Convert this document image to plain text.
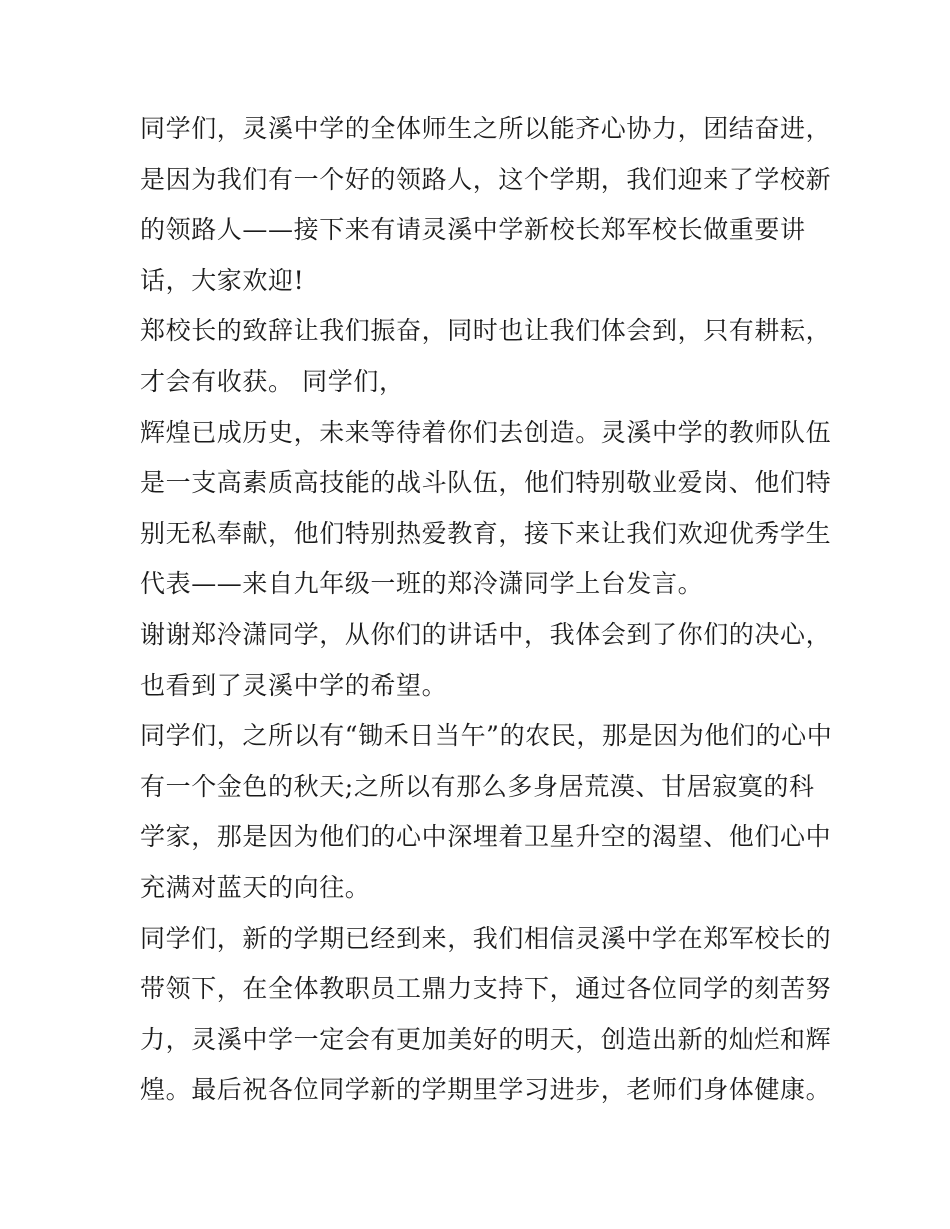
同学们，灵溪中学的全体师生之所以能齐心协力，团结奋进，
是因为我们有一个好的领路人，这个学期，我们迎来了学校新
的领路人——接下来有请灵溪中学新校长郑军校长做重要讲
话，大家欢迎!
郑校长的致辞让我们振奋，同时也让我们体会到，只有耕耘，
才会有收获。 同学们，
辉煌已成历史，未来等待着你们去创造。灵溪中学的教师队伍
是一支高素质高技能的战斗队伍，他们特别敬业爱岗、他们特
别无私奉献，他们特别热爱教育，接下来让我们欢迎优秀学生
代表——来自九年级一班的郑泠潇同学上台发言。
谢谢郑泠潇同学，从你们的讲话中，我体会到了你们的决心，
也看到了灵溪中学的希望。
同学们，之所以有“锄禾日当午”的农民，那是因为他们的心中
有一个金色的秋天;之所以有那么多身居荒漠、甘居寂寞的科
学家，那是因为他们的心中深埋着卫星升空的渴望、他们心中
充满对蓝天的向往。
同学们，新的学期已经到来，我们相信灵溪中学在郑军校长的
带领下，在全体教职员工鼎力支持下，通过各位同学的刻苦努
力，灵溪中学一定会有更加美好的明天，创造出新的灿烂和辉
煌。最后祝各位同学新的学期里学习进步，老师们身体健康。
